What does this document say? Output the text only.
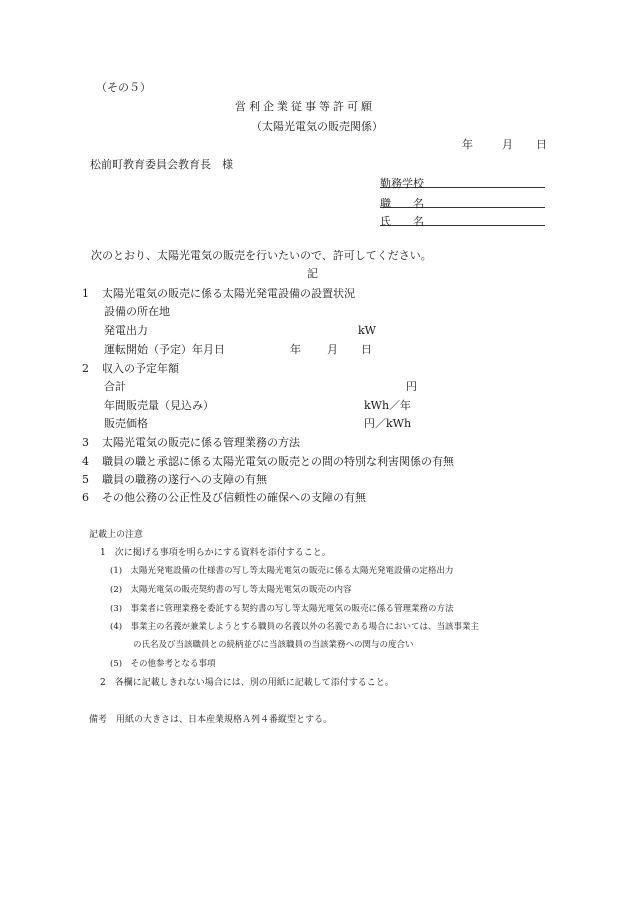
（その５）
営利企業従事等許可願
（太陽光電気の販売関係）
年	月 日
松前町教育委員会教育長　様
勤務学校
職　　名
氏　　名
次のとおり、太陽光電気の販売を行いたいので、許可してください。
記
1 太陽光電気の販売に係る太陽光発電設備の設置状況
設備の所在地
発電出力	kW
運転開始（予定）年月日	年 月 日
2 収入の予定年額
合計	円
年間販売量（見込み）	kWh／年
販売価格	円／kWh
3 太陽光電気の販売に係る管理業務の方法
4 職員の職と承認に係る太陽光電気の販売との間の特別な利害関係の有無
5 職員の職務の遂行への支障の有無
6 その他公務の公正性及び信頼性の確保への支障の有無
記載上の注意
1　次に掲げる事項を明らかにする資料を添付すること。
(1)　太陽光発電設備の仕様書の写し等太陽光電気の販売に係る太陽光発電設備の定格出力
(2)　太陽光電気の販売契約書の写し等太陽光電気の販売の内容
(3)　事業者に管理業務を委託する契約書の写し等太陽光電気の販売に係る管理業務の方法
(4)　事業主の名義が兼業しようとする職員の名義以外の名義である場合においては、当該事業主
の氏名及び当該職員との続柄並びに当該職員の当該業務への関与の度合い
(5)　その他参考となる事項
2　各欄に記載しきれない場合には、別の用紙に記載して添付すること。
備考　用紙の大きさは、日本産業規格Ａ列４番縦型とする。
